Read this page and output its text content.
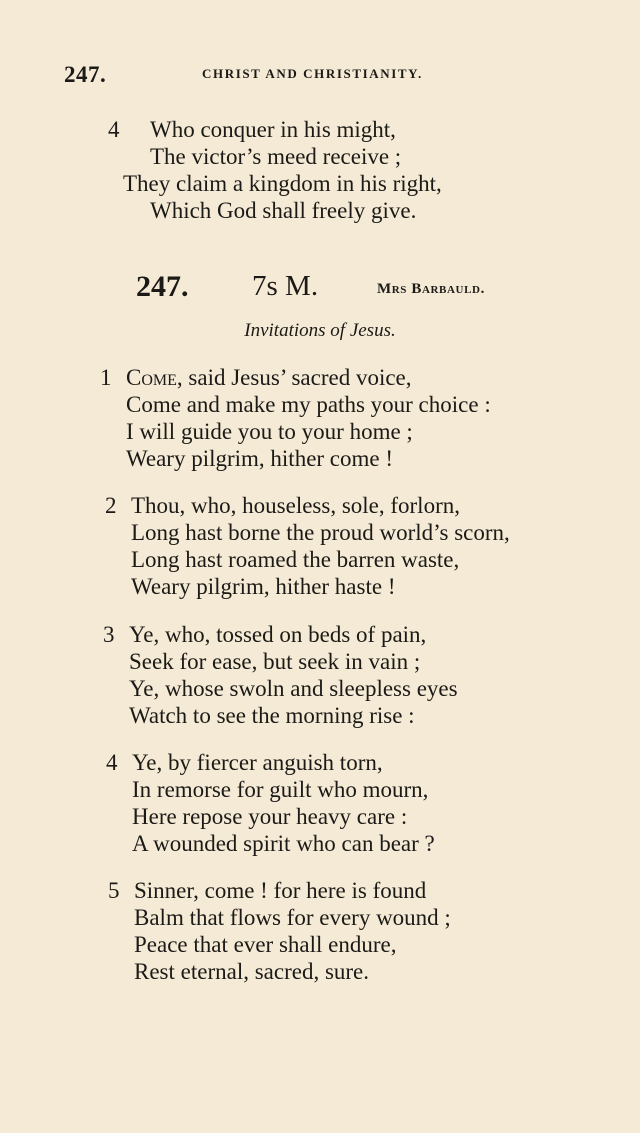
247.	CHRIST AND CHRISTIANITY.
4 Who conquer in his might,
The victor’s meed receive ;
They claim a kingdom in his right,
Which God shall freely give.
247. 7s M.	Mrs Barbauld.
Invitations of Jesus.
1 Come, said Jesus’ sacred voice,
Come and make my paths your choice :
I will guide you to your home ;
Weary pilgrim, hither come !
2 Thou, who, houseless, sole, forlorn,
Long hast borne the proud world’s scorn,
Long hast roamed the barren waste,
Weary pilgrim, hither haste !
3 Ye, who, tossed on beds of pain,
Seek for ease, but seek in vain ;
Ye, whose swoln and sleepless eyes
Watch to see the morning rise :
4 Ye, by fiercer anguish torn,
In remorse for guilt who mourn,
Here repose your heavy care :
A wounded spirit who can bear ?
5 Sinner, come ! for here is found
Balm that flows for every wound ;
Peace that ever shall endure,
Rest eternal, sacred, sure.
